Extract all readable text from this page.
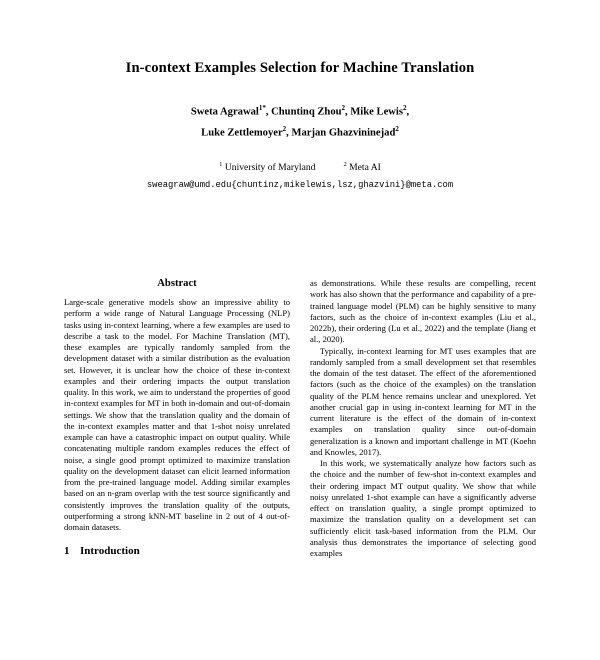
In-context Examples Selection for Machine Translation
Sweta Agrawal$^{1*}$, Chuntinq Zhou$^2$, Mike Lewis$^2$,
Luke Zettlemoyer$^2$, Marjan Ghazvininejad$^2$
$^1$ University of Maryland	$^2$ Meta AI
sweagraw@umd.edu{chuntinz,mikelewis,lsz,ghazvini}@meta.com
Abstract

Large-scale generative models show an impressive ability to perform a wide range of Natural Language Processing (NLP) tasks using in-context learning, where a few examples are used to describe a task to the model. For Machine Translation (MT), these examples are typically randomly sampled from the development dataset with a similar distribution as the evaluation set. However, it is unclear how the choice of these in-context examples and their ordering impacts the output translation quality. In this work, we aim to understand the properties of good in-context examples for MT in both in-domain and out-of-domain settings. We show that the translation quality and the domain of the in-context examples matter and that 1-shot noisy unrelated example can have a catastrophic impact on output quality. While concatenating multiple random examples reduces the effect of noise, a single good prompt optimized to maximize translation quality on the development dataset can elicit learned information from the pre-trained language model. Adding similar examples based on an n-gram overlap with the test source significantly and consistently improves the translation quality of the outputs, outperforming a strong kNN-MT baseline in 2 out of 4 out-of-domain datasets.

1 Introduction

as demonstrations. While these results are compelling, recent work has also shown that the performance and capability of a pre-trained language model (PLM) can be highly sensitive to many factors, such as the choice of in-context examples (Liu et al., 2022b), their ordering (Lu et al., 2022) and the template (Jiang et al., 2020).

Typically, in-context learning for MT uses examples that are randomly sampled from a small development set that resembles the domain of the test dataset. The effect of the aforementioned factors (such as the choice of the examples) on the translation quality of the PLM hence remains unclear and unexplored. Yet another crucial gap in using in-context learning for MT in the current literature is the effect of the domain of in-context examples on translation quality since out-of-domain generalization is a known and important challenge in MT (Koehn and Knowles, 2017).

In this work, we systematically analyze how factors such as the choice and the number of few-shot in-context examples and their ordering impact MT output quality. We show that while noisy unrelated 1-shot example can have a significantly adverse effect on translation quality, a single prompt optimized to maximize the translation quality on a development set can sufficiently elicit task-based information from the PLM. Our analysis thus demonstrates the importance of selecting good examples
